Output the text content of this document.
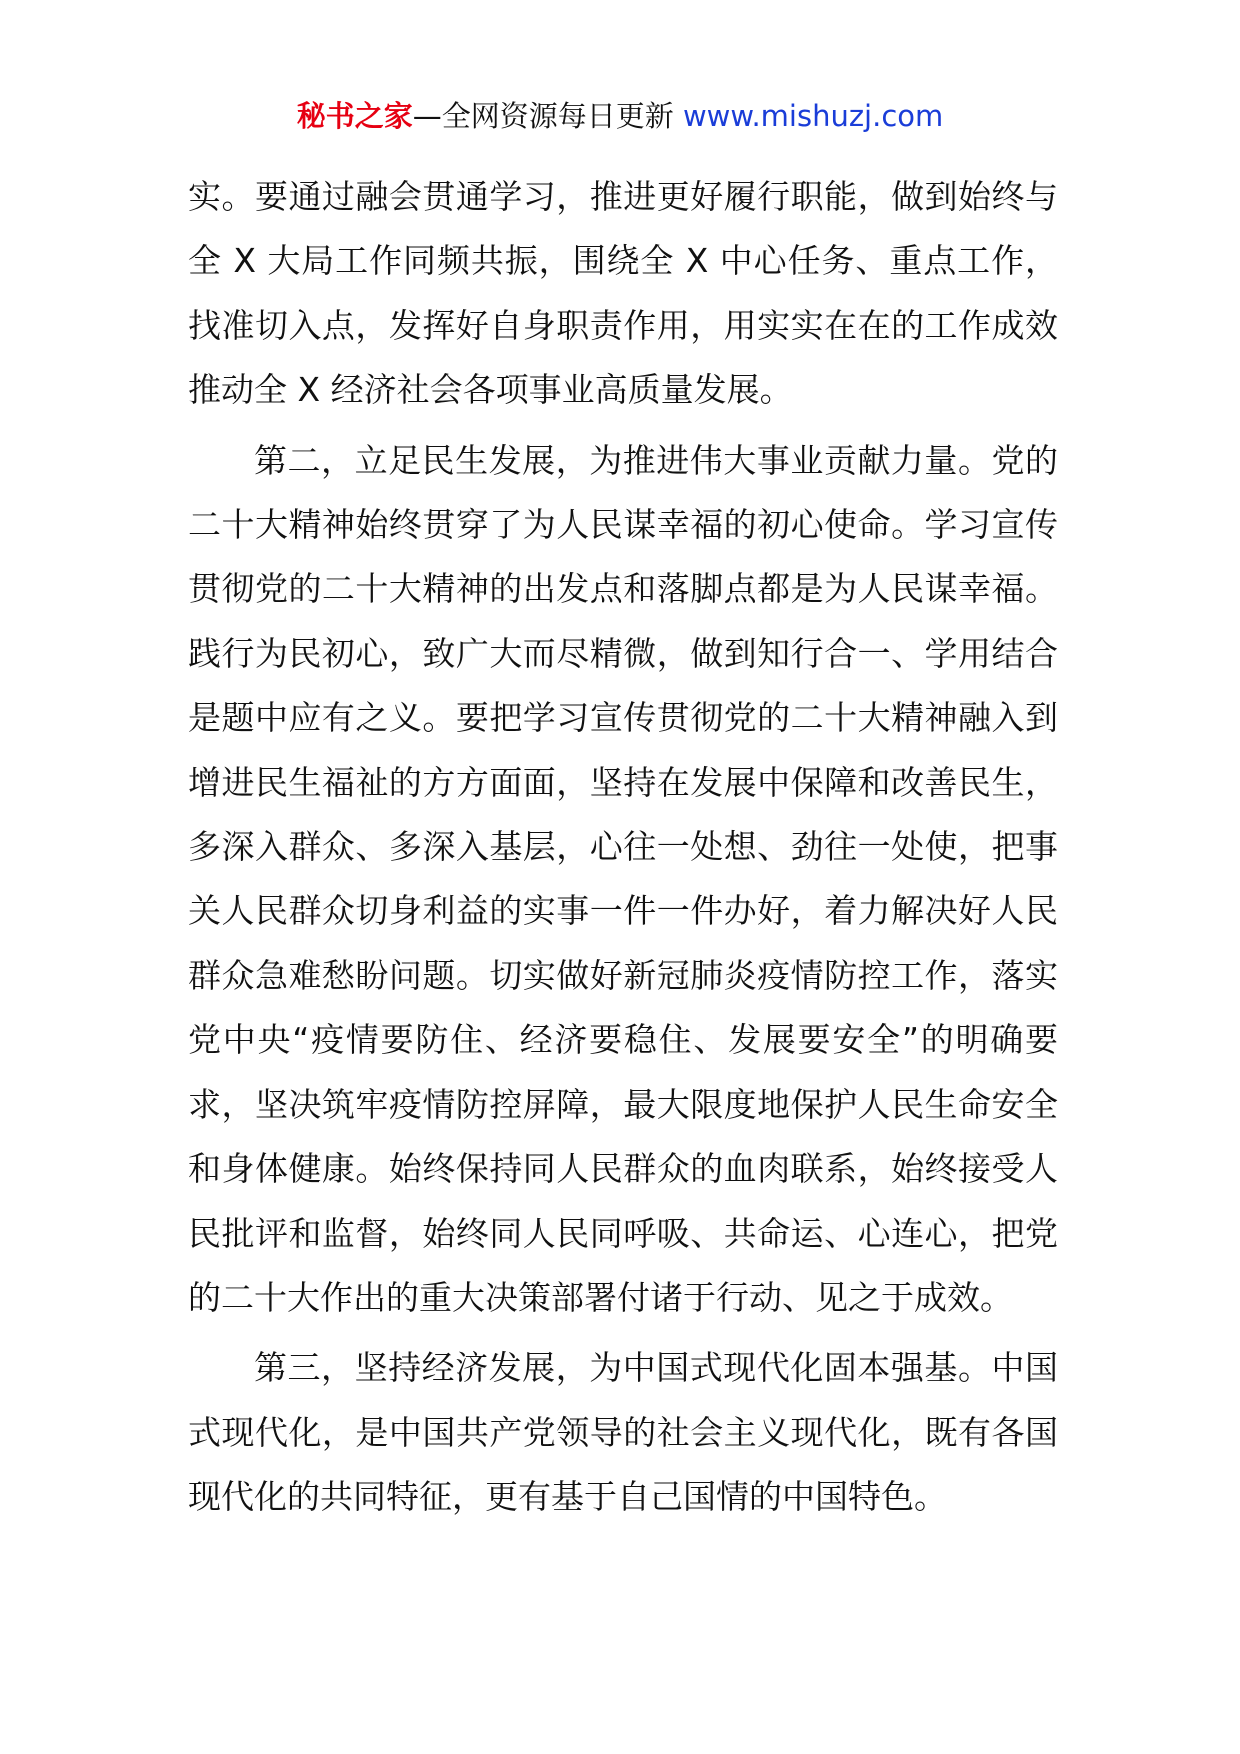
秘书之家—全网资源每日更新 www.mishuzj.com

实。要通过融会贯通学习，推进更好履行职能，做到始终与全 X 大局工作同频共振，围绕全 X 中心任务、重点工作，找准切入点，发挥好自身职责作用，用实实在在的工作成效推动全 X 经济社会各项事业高质量发展。

第二，立足民生发展，为推进伟大事业贡献力量。党的二十大精神始终贯穿了为人民谋幸福的初心使命。学习宣传贯彻党的二十大精神的出发点和落脚点都是为人民谋幸福。践行为民初心，致广大而尽精微，做到知行合一、学用结合是题中应有之义。要把学习宣传贯彻党的二十大精神融入到增进民生福祉的方方面面，坚持在发展中保障和改善民生，多深入群众、多深入基层，心往一处想、劲往一处使，把事关人民群众切身利益的实事一件一件办好，着力解决好人民群众急难愁盼问题。切实做好新冠肺炎疫情防控工作，落实党中央“疫情要防住、经济要稳住、发展要安全”的明确要求，坚决筑牢疫情防控屏障，最大限度地保护人民生命安全和身体健康。始终保持同人民群众的血肉联系，始终接受人民批评和监督，始终同人民同呼吸、共命运、心连心，把党的二十大作出的重大决策部署付诸于行动、见之于成效。

第三，坚持经济发展，为中国式现代化固本强基。中国式现代化，是中国共产党领导的社会主义现代化，既有各国现代化的共同特征，更有基于自己国情的中国特色。
